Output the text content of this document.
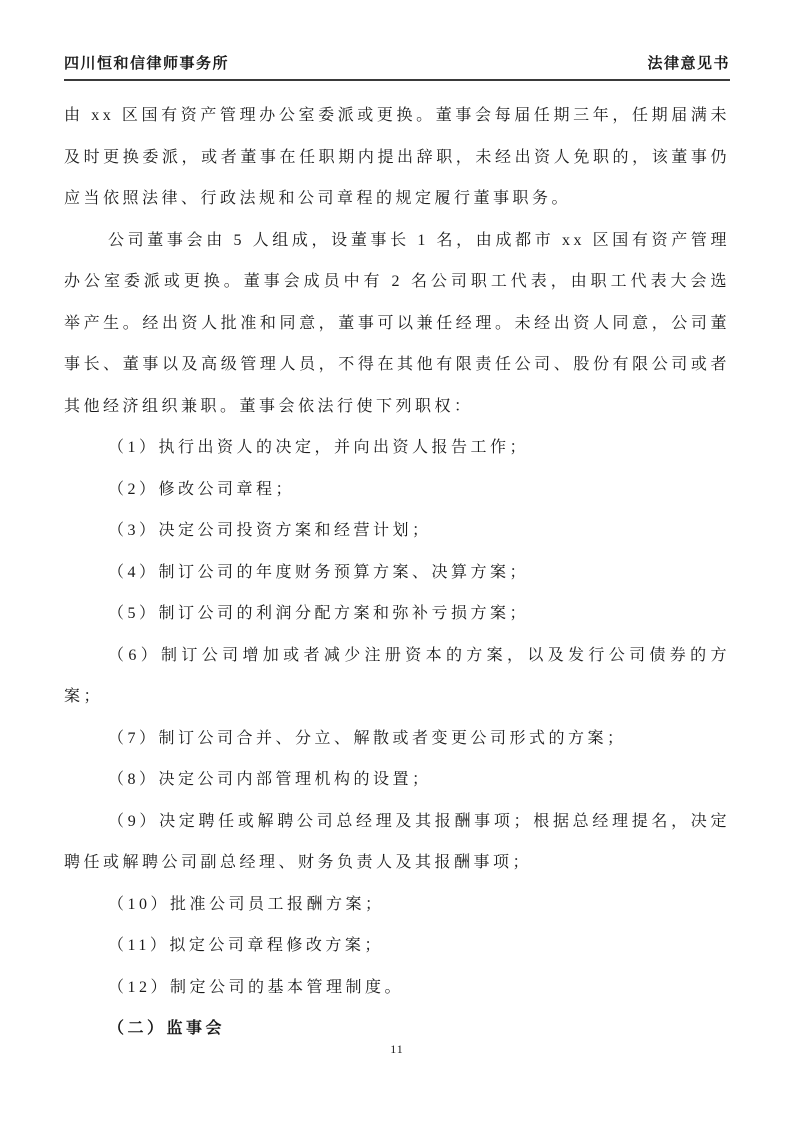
四川恒和信律师事务所	法律意见书

由 xx 区国有资产管理办公室委派或更换。董事会每届任期三年，任期届满未及时更换委派，或者董事在任职期内提出辞职，未经出资人免职的，该董事仍应当依照法律、行政法规和公司章程的规定履行董事职务。

公司董事会由 5 人组成，设董事长 1 名，由成都市 xx 区国有资产管理办公室委派或更换。董事会成员中有 2 名公司职工代表，由职工代表大会选举产生。经出资人批准和同意，董事可以兼任经理。未经出资人同意，公司董事长、董事以及高级管理人员，不得在其他有限责任公司、股份有限公司或者其他经济组织兼职。董事会依法行使下列职权：

（1）执行出资人的决定，并向出资人报告工作；

（2）修改公司章程；

（3）决定公司投资方案和经营计划；

（4）制订公司的年度财务预算方案、决算方案；

（5）制订公司的利润分配方案和弥补亏损方案；

（6）制订公司增加或者减少注册资本的方案，以及发行公司债券的方案；

（7）制订公司合并、分立、解散或者变更公司形式的方案；

（8）决定公司内部管理机构的设置；

（9）决定聘任或解聘公司总经理及其报酬事项；根据总经理提名，决定聘任或解聘公司副总经理、财务负责人及其报酬事项；

（10）批准公司员工报酬方案；

（11）拟定公司章程修改方案；

（12）制定公司的基本管理制度。

（二）监事会

11
